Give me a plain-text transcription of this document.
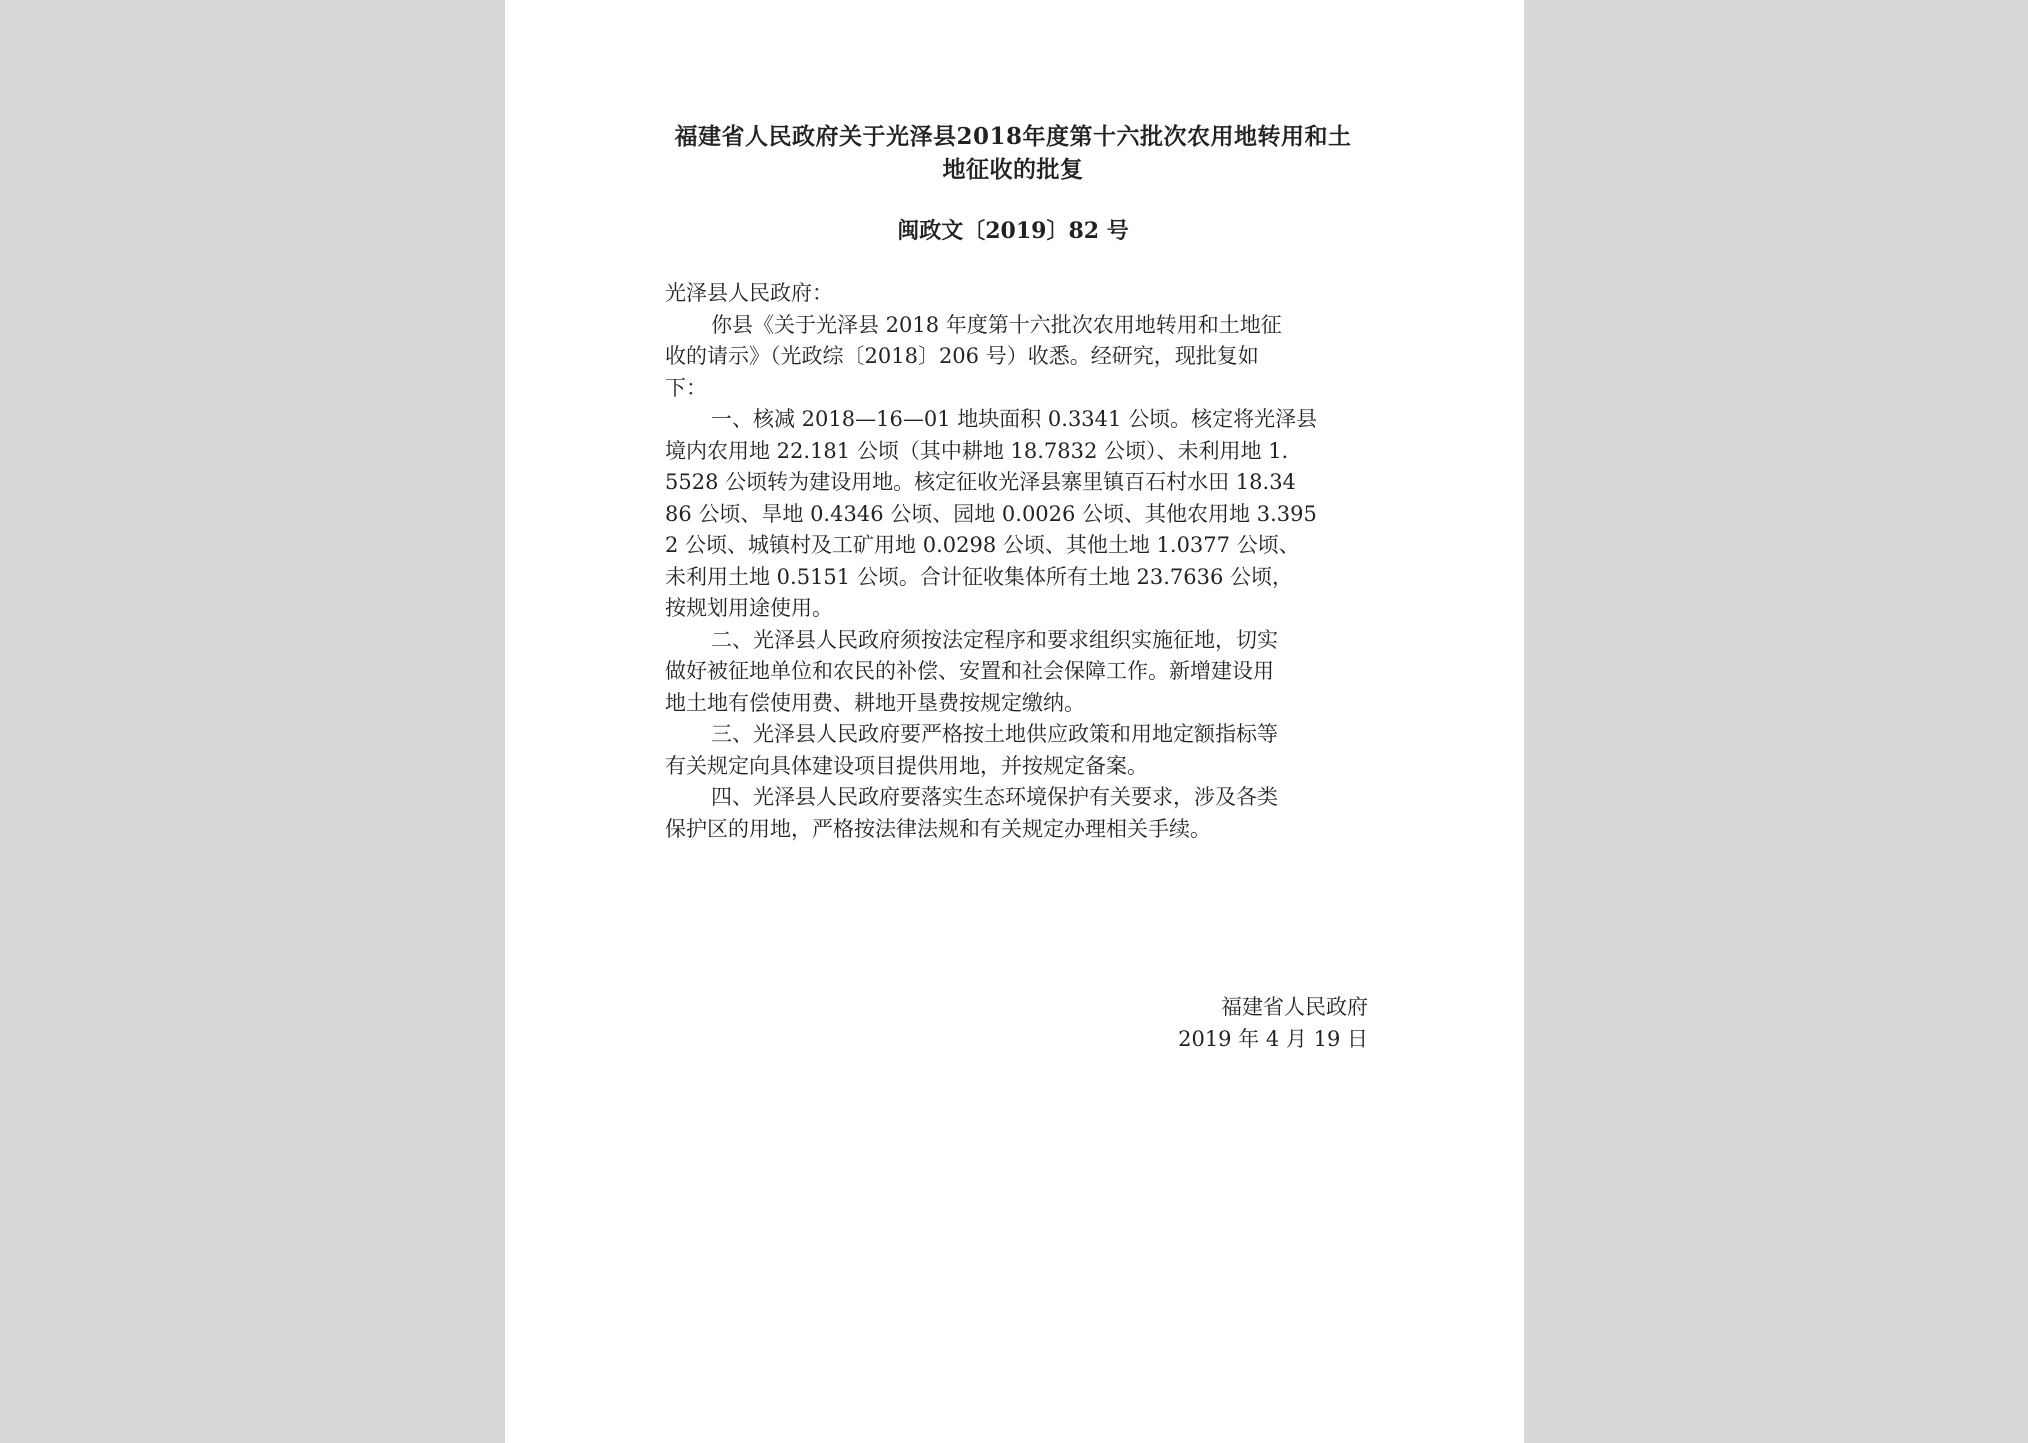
福建省人民政府关于光泽县2018年度第十六批次农用地转用和土
地征收的批复
闽政文〔2019〕82 号
光泽县人民政府：
你县《关于光泽县 2018 年度第十六批次农用地转用和土地征
收的请示》（光政综〔2018〕206 号）收悉。经研究，现批复如
下：
一、核减 2018—16—01 地块面积 0.3341 公顷。核定将光泽县
境内农用地 22.181 公顷（其中耕地 18.7832 公顷）、未利用地 1.
5528 公顷转为建设用地。核定征收光泽县寨里镇百石村水田 18.34
86 公顷、旱地 0.4346 公顷、园地 0.0026 公顷、其他农用地 3.395
2 公顷、城镇村及工矿用地 0.0298 公顷、其他土地 1.0377 公顷、
未利用土地 0.5151 公顷。合计征收集体所有土地 23.7636 公顷，
按规划用途使用。
二、光泽县人民政府须按法定程序和要求组织实施征地，切实
做好被征地单位和农民的补偿、安置和社会保障工作。新增建设用
地土地有偿使用费、耕地开垦费按规定缴纳。
三、光泽县人民政府要严格按土地供应政策和用地定额指标等
有关规定向具体建设项目提供用地，并按规定备案。
四、光泽县人民政府要落实生态环境保护有关要求，涉及各类
保护区的用地，严格按法律法规和有关规定办理相关手续。
福建省人民政府
2019 年 4 月 19 日
